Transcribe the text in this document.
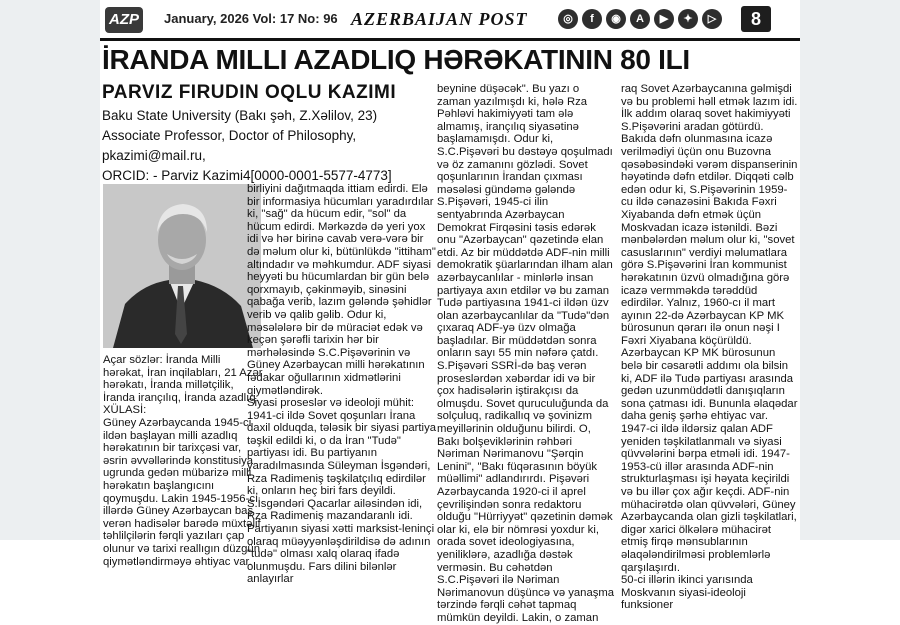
AZP	January, 2026 Vol: 17 No: 96 AZERBAIJAN POST	◎	f	◉	A	▶	✦	▷	8
İRANDA MILLI AZADLIQ HƏRƏKATININ 80 ILI
PARVIZ FIRUDIN OQLU KAZIMI
Baku State University (Bakı şəh, Z.Xəlilov, 23)
Associate Professor, Doctor of Philosophy,
pkazimi@mail.ru,
ORCID: - Parviz Kazimi4[0000-0001-5577-4773]

Açar sözlər: İranda Milli hərəkat, İran inqilabları, 21 Azər hərəkatı, İranda millətçilik, İranda irançılıq, İranda azadlıq.

XÜLASİ:

Güney Azərbaycanda 1945-ci ildən başlayan milli azadlıq hərəkatının bir tarixçəsi var, əsrin əvvəllərində konstitusiya ugrunda gedən mübarizə milli hərəkatın başlangıcını qoymuşdu. Lakin 1945-1956-cı illərdə Güney Azərbaycan baş verən hadisələr barədə müxtəlif təhlilçilərin fərqli yazıları çap olunur və tarixi reallıgın düzgün qiymətləndirməyə əhtiyac var.

birliyini dağıtmaqda ittiam edirdi. Elə bir informasiya hücumları yaradırdılar ki, "sağ" da hücum edir, "sol" da hücum edirdi. Mərkəzdə də yeri yox idi və hər birinə cavab verə-vərə bir də məlum olur ki, bütünlükdə "ittiham" altındadır və məhkumdur. ADF siyasi heyyəti bu hücumlardan bir gün belə qorxmayıb, çəkinməyib, sinəsini qabağa verib, lazım gələndə şəhidlər verib və qalib gəlib. Odur ki, məsələlərə bir də müraciət edək və keçən şərəfli tarixin hər bir mərhələsində S.C.Pişəvərinin və Güney Azərbaycan milli hərəkatının fədakar oğullarının xidmətlərini qiymətləndirək.

Siyasi proseslər və ideoloji mühit: 1941-ci ildə Sovet qoşunları İrana daxil olduqda, tələsik bir siyasi partiya təşkil edildi ki, o da İran "Tudə" partiyası idi. Bu partiyanın yaradılmasında Süleyman İsgəndəri, Rza Radimeniş təşkilatçılıq edirdilər ki, onların heç biri fars deyildi. S.İsgəndəri Qacarlar ailəsindən idi, Rza Radimeniş mazandaranlı idi. Partiyanın siyasi xətti marksist-leninçi olaraq müəyyənləşdirildisə də adının "tudə" olması xalq olaraq ifadə olunmuşdu. Fars dilini bilənlər anlayırlar

beynine düşəcək". Bu yazı o zaman yazılmışdı ki, hələ Rza Pəhləvi hakimiyyəti tam ələ almamış, irançılıq siyasətinə başlamamışdı. Odur ki, S.C.Pişəvəri bu dəstəyə qoşulmadı və öz zamanını gözlədi. Sovet qoşunlarının İrandan çıxması məsələsi gündəmə gələndə S.Pişəvəri, 1945-ci ilin sentyabrında Azərbaycan Demokrat Firqəsini təsis edərək onu "Azərbaycan" qəzetində elan etdi. Az bir müddətdə ADF-nin milli demokratik şüarlarından ilham alan azərbaycanlılar - minlərlə insan partiyaya axın etdilər və bu zaman Tudə partiyasına 1941-ci ildən üzv olan azərbaycanlılar da "Tudə"dən çıxaraq ADF-yə üzv olmağa başladılar. Bir müddətdən sonra onların sayı 55 min nəfərə çatdı. S.Pişəvəri SSRİ-də baş verən proseslərdən xəbərdar idi və bir çox hadisələrin iştirakçısı da olmuşdu. Sovet quruculuğunda da solçuluq, radikallıq və şovinizm meyillərinin olduğunu bilirdi. O, Bakı bolşeviklərinin rəhbəri Nəriman Nərimanovu "Şərqin Lenini", "Bakı füqərasının böyük müəllimi" adlandırırdı. Pişəvəri Azərbaycanda 1920-ci il aprel çevrilişindən sonra redaktoru olduğu "Hürriyyət" qəzetinin dəmək olar ki, elə bir nömrəsi yoxdur ki, orada sovet ideologiyasına, yeniliklərə, azadlığa dəstək verməsin. Bu cəhətdən S.C.Pişəvəri ilə Nəriman Nərimanovun düşüncə və yanaşma tərzində fərqli cəhət tapmaq mümkün deyildi. Lakin, o zaman

raq Sovet Azərbaycanına gəlmişdi və bu problemi həll etmək lazım idi. İlk addım olaraq sovet hakimiyyəti S.Pişəvərini aradan götürdü. Bakıda dəfn olunmasına icazə verilmədiyi üçün onu Buzovna qəsəbəsindəki vərəm dispanserinin həyətində dəfn etdilər. Diqqəti cəlb edən odur ki, S.Pişəvərinin 1959-cu ildə cənazəsini Bakıda Fəxri Xiyabanda dəfn etmək üçün Moskvadan icazə istənildi. Bəzi mənbələrdən məlum olur ki, "sovet casuslarının" verdiyi məlumatlara görə S.Pişəvərini İran kommunist hərəkatının üzvü olmadığına görə icazə vermməkdə tərəddüd edirdilər. Yalnız, 1960-cı il mart ayının 22-də Azərbaycan KP MK bürosunun qərarı ilə onun nəşi I Fəxri Xiyabana köçürüldü. Azərbaycan KP MK bürosunun belə bir cəsarətli addımı ola bilsin ki, ADF ilə Tudə partiyası arasında gedən uzunmüddətli danışıqların sona çatması idi. Bununla əlaqədar daha geniş şərhə ehtiyac var.

1947-ci ildə ildərsiz qalan ADF yeniden təşkilatlanmalı və siyasi qüvvələrini bərpa etməli idi. 1947-1953-cü illər arasında ADF-nin strukturlaşması işi həyata keçirildi və bu illər çox ağır keçdi. ADF-nin mühacirətdə olan qüvvələri, Güney Azərbaycanda olan gizli təşkilatlari, digər xarici ölkələrə mühacirət etmiş firqə mənsublarının əlaqələndirilməsi problemlərlə qarşılaşırdı.

50-ci illərin ikinci yarısında Moskvanın siyasi-ideoloji funksioner
